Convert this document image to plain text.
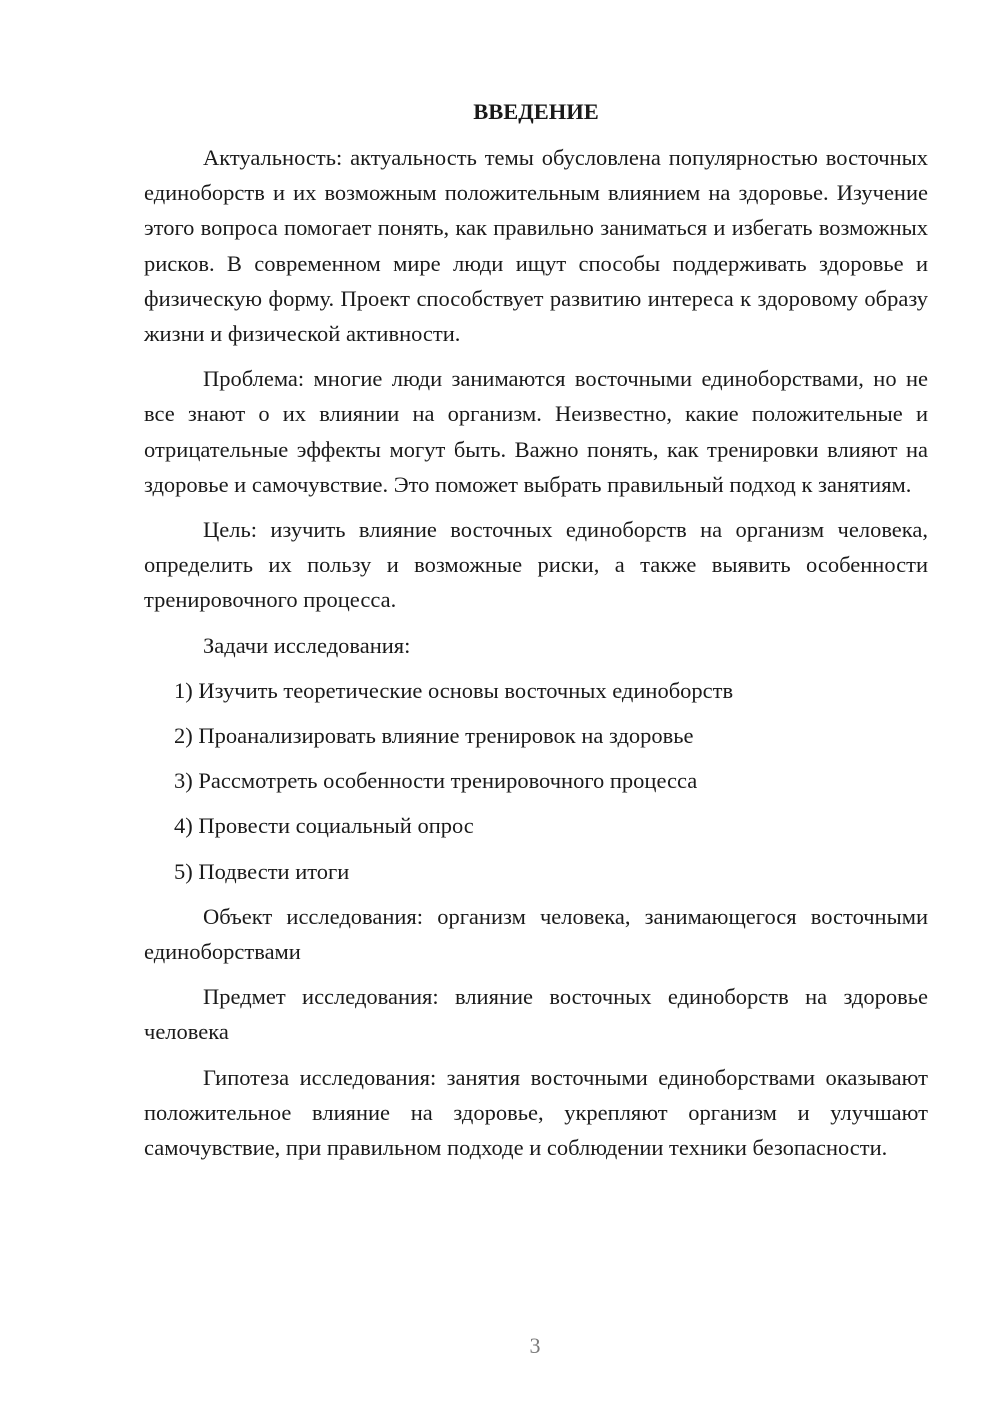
ВВЕДЕНИЕ

Актуальность: актуальность темы обусловлена популярностью восточных единоборств и их возможным положительным влиянием на здоровье. Изучение этого вопроса помогает понять, как правильно заниматься и избегать возможных рисков. В современном мире люди ищут способы поддерживать здоровье и физическую форму. Проект способствует развитию интереса к здоровому образу жизни и физической активности.

Проблема: многие люди занимаются восточными единоборствами, но не все знают о их влиянии на организм. Неизвестно, какие положительные и отрицательные эффекты могут быть. Важно понять, как тренировки влияют на здоровье и самочувствие. Это поможет выбрать правильный подход к занятиям.

Цель: изучить влияние восточных единоборств на организм человека, определить их пользу и возможные риски, а также выявить особенности тренировочного процесса.

Задачи исследования:

1) Изучить теоретические основы восточных единоборств
2) Проанализировать влияние тренировок на здоровье
3) Рассмотреть особенности тренировочного процесса
4) Провести социальный опрос
5) Подвести итоги

Объект исследования: организм человека, занимающегося восточными единоборствами

Предмет исследования: влияние восточных единоборств на здоровье человека

Гипотеза исследования: занятия восточными единоборствами оказывают положительное влияние на здоровье, укрепляют организм и улучшают самочувствие, при правильном подходе и соблюдении техники безопасности.

3
